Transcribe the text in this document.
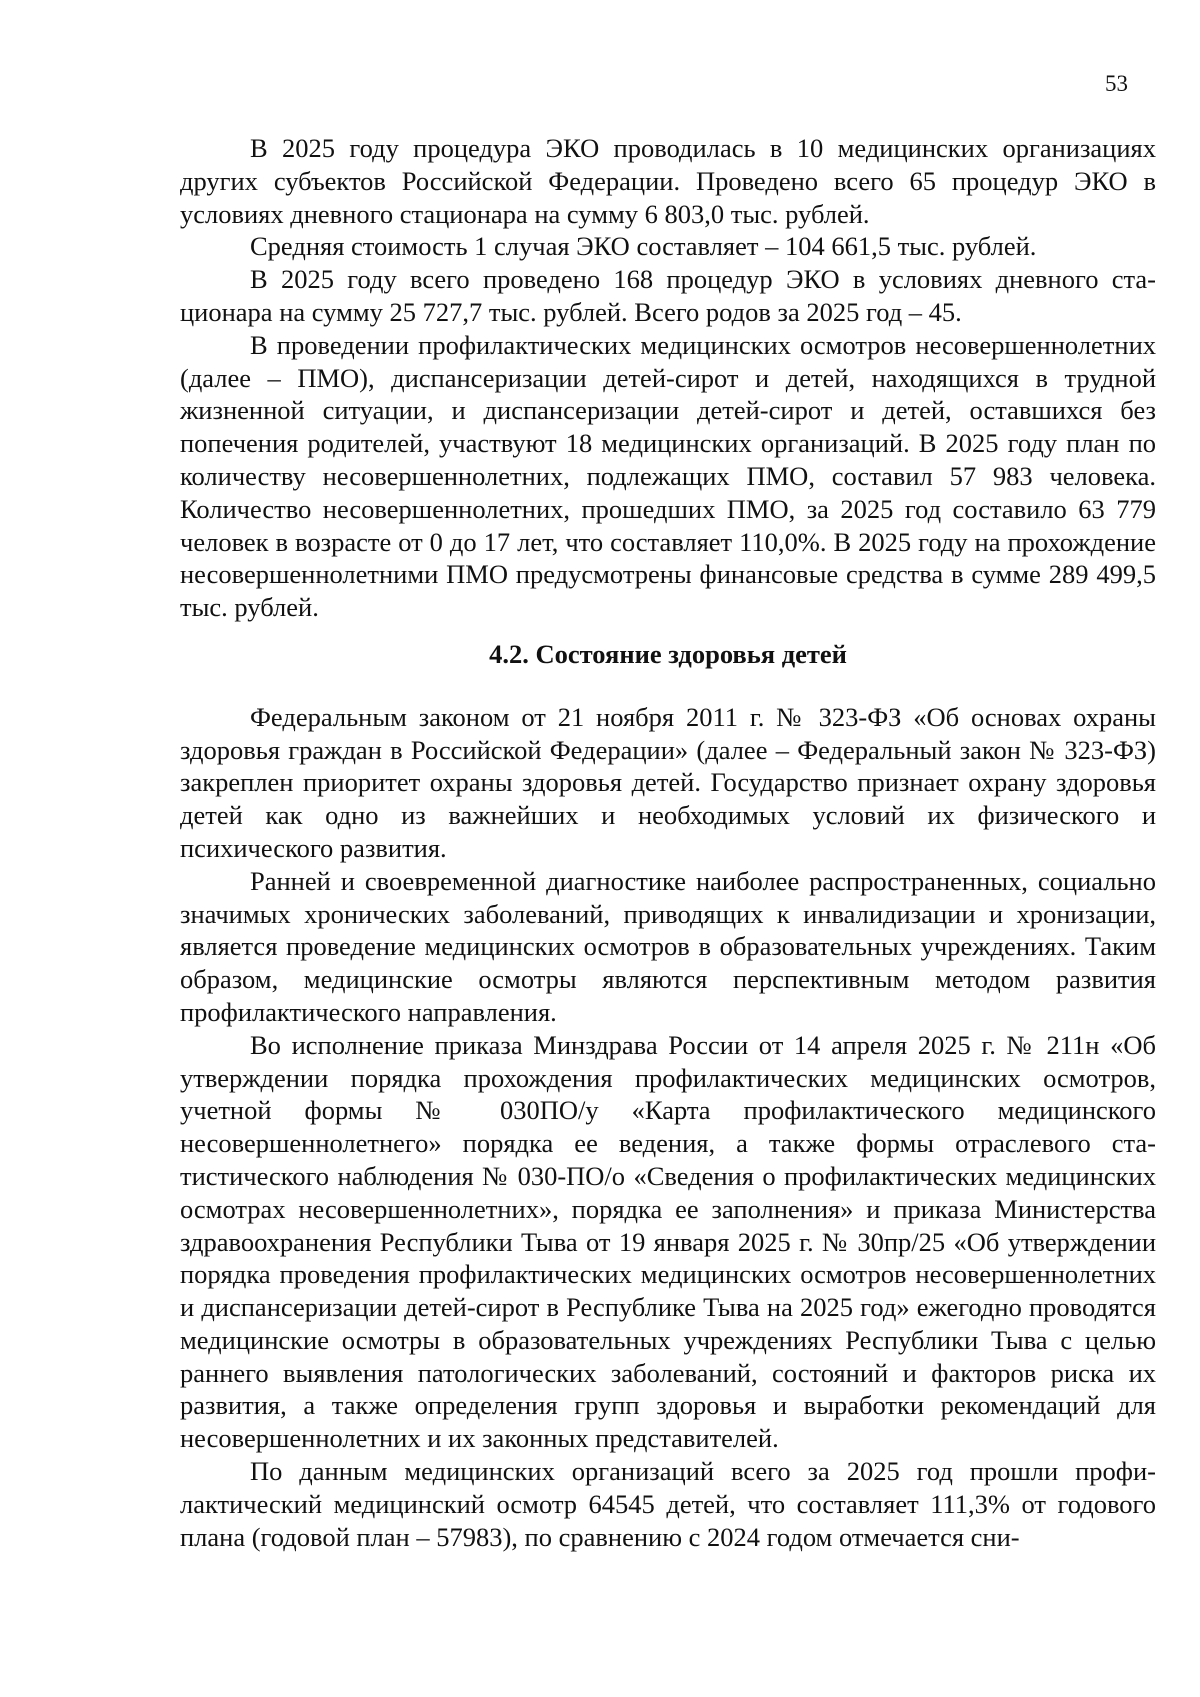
53

В 2025 году процедура ЭКО проводилась в 10 медицинских организациях других субъектов Российской Федерации. Проведено всего 65 процедур ЭКО в условиях дневного стационара на сумму 6 803,0 тыс. рублей.

Средняя стоимость 1 случая ЭКО составляет – 104 661,5 тыс. рублей.

В 2025 году всего проведено 168 процедур ЭКО в условиях дневного стационара на сумму 25 727,7 тыс. рублей. Всего родов за 2025 год – 45.

В проведении профилактических медицинских осмотров несовершеннолетних (далее – ПМО), диспансеризации детей-сирот и детей, находящихся в трудной жизненной ситуации, и диспансеризации детей-сирот и детей, оставшихся без попечения родителей, участвуют 18 медицинских организаций. В 2025 году план по количеству несовершеннолетних, подлежащих ПМО, составил 57 983 человека. Количество несовершеннолетних, прошедших ПМО, за 2025 год составило 63 779 человек в возрасте от 0 до 17 лет, что составляет 110,0%. В 2025 году на прохождение несовершеннолетними ПМО предусмотрены финансовые средства в сумме 289 499,5 тыс. рублей.

4.2. Состояние здоровья детей

Федеральным законом от 21 ноября 2011 г. № 323-ФЗ «Об основах охраны здоровья граждан в Российской Федерации» (далее – Федеральный закон № 323-ФЗ) закреплен приоритет охраны здоровья детей. Государство признает охрану здоровья детей как одно из важнейших и необходимых условий их физического и психического развития.

Ранней и своевременной диагностике наиболее распространенных, социально значимых хронических заболеваний, приводящих к инвалидизации и хронизации, является проведение медицинских осмотров в образовательных учреждениях. Таким образом, медицинские осмотры являются перспективным методом развития профилактического направления.

Во исполнение приказа Минздрава России от 14 апреля 2025 г. № 211н «Об утверждении порядка прохождения профилактических медицинских осмотров, учетной формы № 030ПО/у «Карта профилактического медицинского несовершеннолетнего» порядка ее ведения, а также формы отраслевого статистического наблюдения № 030-ПО/о «Сведения о профилактических медицинских осмотрах несовершеннолетних», порядка ее заполнения» и приказа Министерства здравоохранения Республики Тыва от 19 января 2025 г. № 30пр/25 «Об утверждении порядка проведения профилактических медицинских осмотров несовершеннолетних и диспансеризации детей-сирот в Республике Тыва на 2025 год» ежегодно проводятся медицинские осмотры в образовательных учреждениях Республики Тыва с целью раннего выявления патологических заболеваний, состояний и факторов риска их развития, а также определения групп здоровья и выработки рекомендаций для несовершеннолетних и их законных представителей.

По данным медицинских организаций всего за 2025 год прошли профилактический медицинский осмотр 64545 детей, что составляет 111,3% от годового плана (годовой план – 57983), по сравнению с 2024 годом отмечается сни-
